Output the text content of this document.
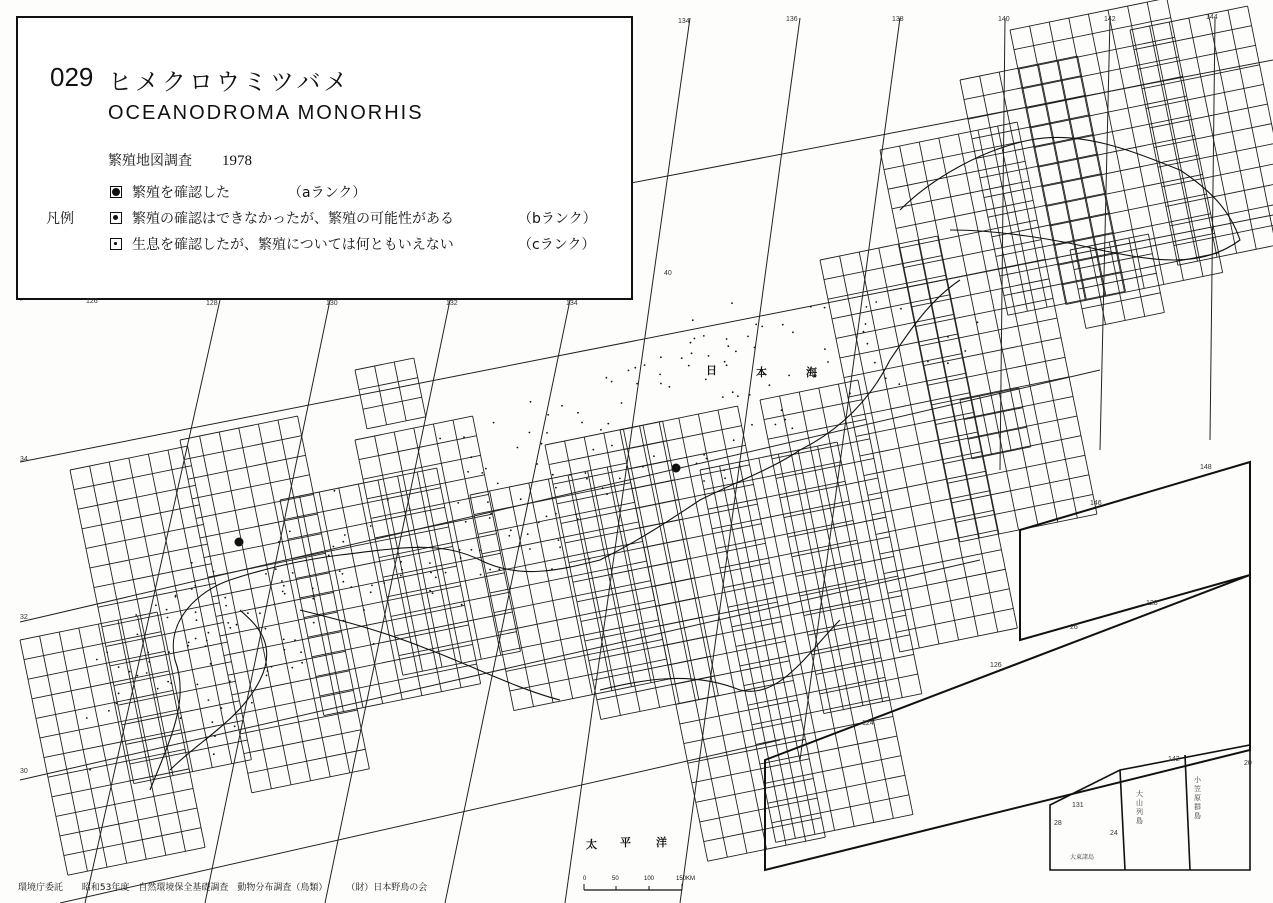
029 ヒメクロウミツバメ
OCEANODROMA MONORHIS
繁殖地図調査 1978
凡例
繁殖を確認した	（aランク）
繁殖の確認はできなかったが、繁殖の可能性がある	（bランク）
生息を確認したが、繁殖については何ともいえない	（cランク）
日	本	海
太 平 洋
126	128	130	132	134
134	136	138	140	142	144
34
32
30
40
146
148
126
128
124
26
28
20
131
24
142
大山列島
小笠原群島
大東諸島
環境庁委託 昭和53年度　自然環境保全基礎調査　動物分布調査（鳥類） （財）日本野鳥の会
0	50	100	150KM
